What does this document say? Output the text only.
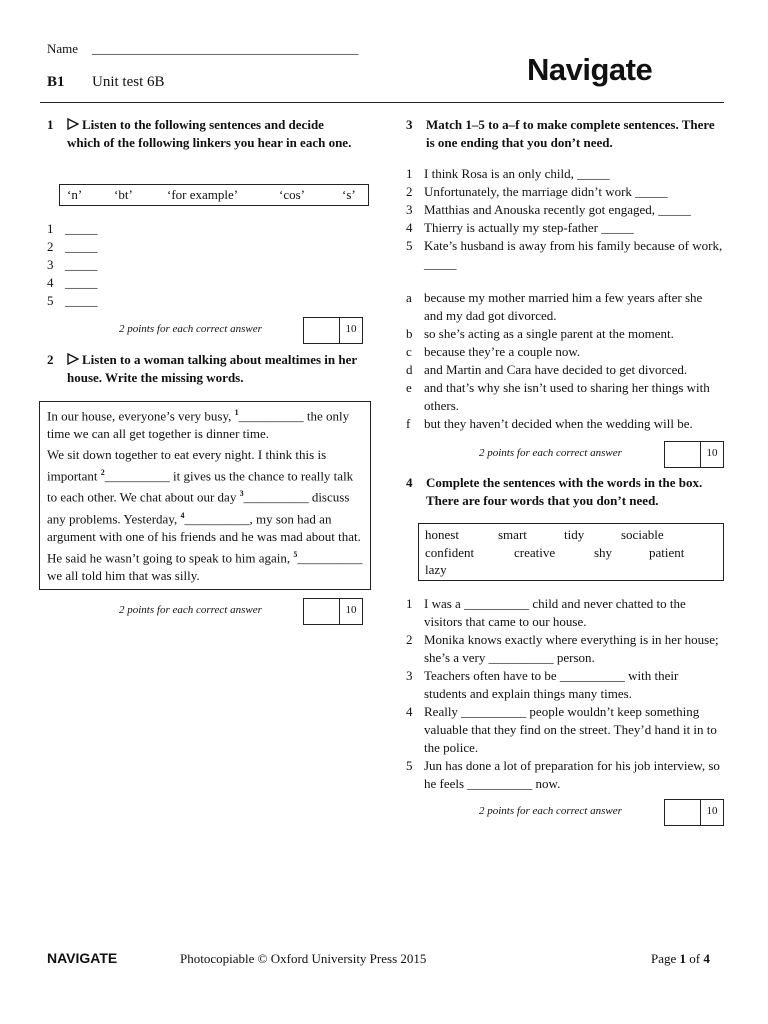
Name _________________________________________
B1 Unit test 6B	Navigate
1	Listen to the following sentences and decide which of the following linkers you hear in each one.
‘n’ ‘bt’	‘for example’	‘cos’	‘s’
1 _____
2 _____
3 _____
4 _____
5 _____
2 points for each correct answer	10
2	Listen to a woman talking about mealtimes in her house. Write the missing words.
In our house, everyone’s very busy, $^1$__________ the only time we can all get together is dinner time.
We sit down together to eat every night. I think this is important $^2$__________ it gives us the chance to really talk to each other. We chat about our day $^3$__________ discuss any problems. Yesterday, $^4$__________, my son had an argument with one of his friends and he was mad about that. He said he wasn’t going to speak to him again, $^5$__________ we all told him that was silly.
2 points for each correct answer	10
3 Match 1–5 to a–f to make complete sentences. There is one ending that you don’t need.
1 I think Rosa is an only child, _____
2 Unfortunately, the marriage didn’t work _____
3 Matthias and Anouska recently got engaged, _____
4 Thierry is actually my step-father _____
5 Kate’s husband is away from his family because of work, _____
a because my mother married him a few years after she and my dad got divorced.
b so she’s acting as a single parent at the moment.
c because they’re a couple now.
d and Martin and Cara have decided to get divorced.
e and that’s why she isn’t used to sharing her things with others.
f but they haven’t decided when the wedding will be.
2 points for each correct answer	10
4 Complete the sentences with the words in the box. There are four words that you don’t need.
honest	smart	tidy	sociable
confident	creative	shy	patient
lazy
1 I was a __________ child and never chatted to the visitors that came to our house.
2 Monika knows exactly where everything is in her house; she’s a very __________ person.
3 Teachers often have to be __________ with their students and explain things many times.
4 Really __________ people wouldn’t keep something valuable that they find on the street. They’d hand it in to the police.
5 Jun has done a lot of preparation for his job interview, so he feels __________ now.
2 points for each correct answer	10
NAVIGATE	Photocopiable © Oxford University Press 2015	Page 1 of 4
